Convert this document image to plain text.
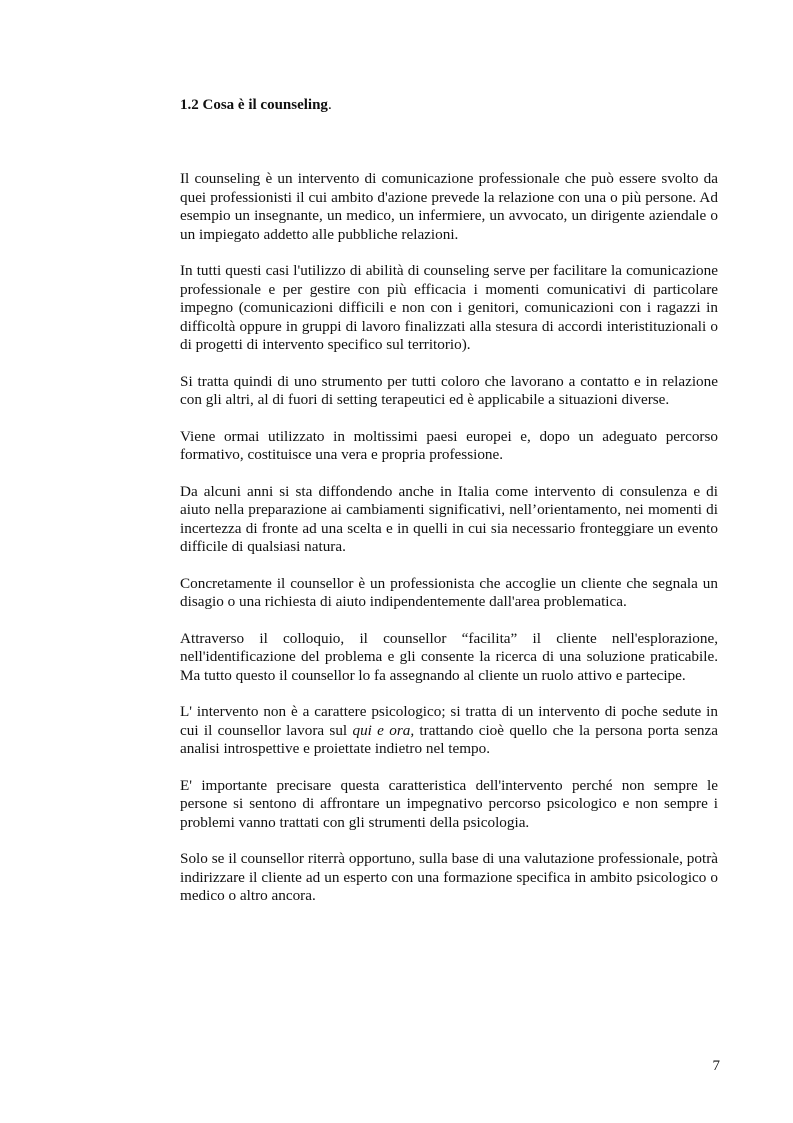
1.2 Cosa è il counseling.

Il counseling è un intervento di comunicazione professionale che può essere svolto da quei professionisti il cui ambito d'azione prevede la relazione con una o più persone. Ad esempio un insegnante, un medico, un infermiere, un avvocato, un dirigente aziendale o un impiegato addetto alle pubbliche relazioni.

In tutti questi casi l'utilizzo di abilità di counseling serve per facilitare la comunicazione professionale e per gestire con più efficacia i momenti comunicativi di particolare impegno (comunicazioni difficili e non con i genitori, comunicazioni con i ragazzi in difficoltà oppure in gruppi di lavoro finalizzati alla stesura di accordi interistituzionali o di progetti di intervento specifico sul territorio).

Si tratta quindi di uno strumento per tutti coloro che lavorano a contatto e in relazione con gli altri, al di fuori di setting terapeutici ed è applicabile a situazioni diverse.

Viene ormai utilizzato in moltissimi paesi europei e, dopo un adeguato percorso formativo, costituisce una vera e propria professione.

Da alcuni anni si sta diffondendo anche in Italia come intervento di consulenza e di aiuto nella preparazione ai cambiamenti significativi, nell’orientamento, nei momenti di incertezza di fronte ad una scelta e in quelli in cui sia necessario fronteggiare un evento difficile di qualsiasi natura.

Concretamente il counsellor è un professionista che accoglie un cliente che segnala un disagio o una richiesta di aiuto indipendentemente dall'area problematica.

Attraverso il colloquio, il counsellor “facilita” il cliente nell'esplorazione, nell'identificazione del problema e gli consente la ricerca di una soluzione praticabile. Ma tutto questo il counsellor lo fa assegnando al cliente un ruolo attivo e partecipe.

L' intervento non è a carattere psicologico; si tratta di un intervento di poche sedute in cui il counsellor lavora sul qui e ora, trattando cioè quello che la persona porta senza analisi introspettive e proiettate indietro nel tempo.

E' importante precisare questa caratteristica dell'intervento perché non sempre le persone si sentono di affrontare un impegnativo percorso psicologico e non sempre i problemi vanno trattati con gli strumenti della psicologia.

Solo se il counsellor riterrà opportuno, sulla base di una valutazione professionale, potrà indirizzare il cliente ad un esperto con una formazione specifica in ambito psicologico o medico o altro ancora.

7
